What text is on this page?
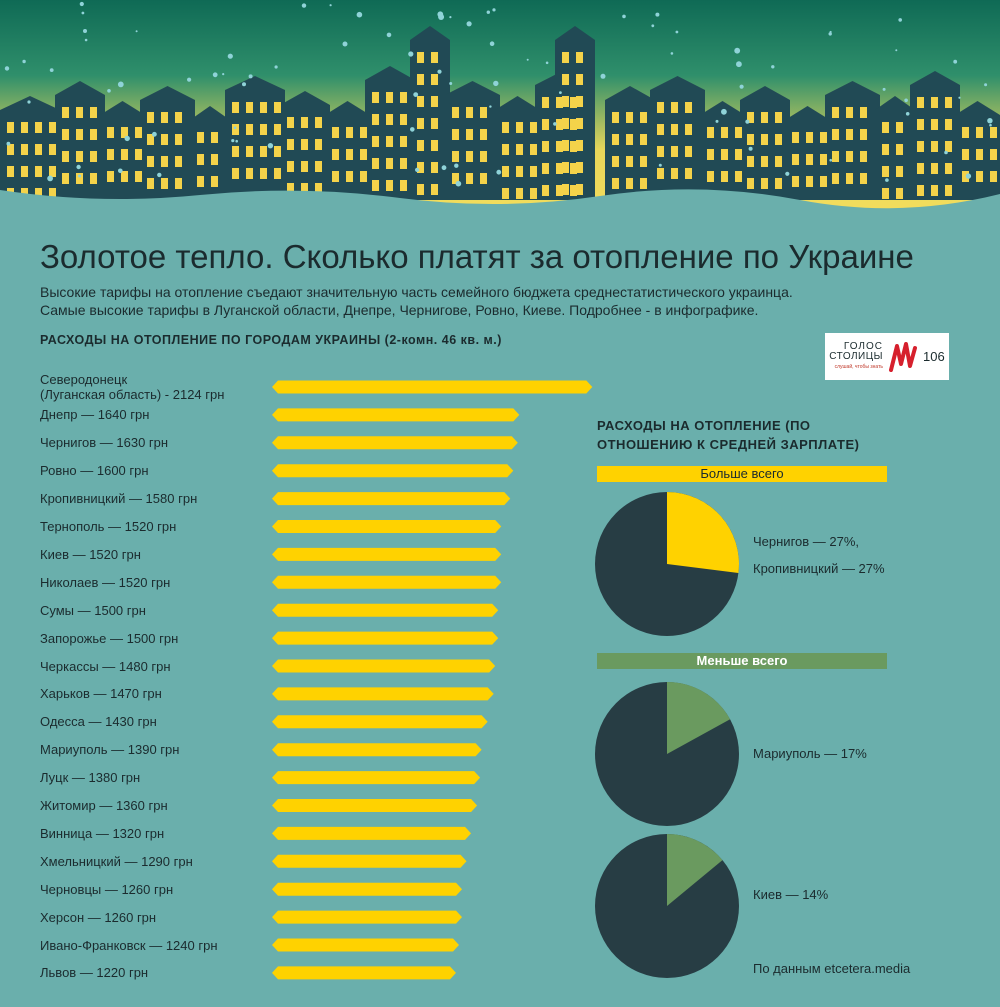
Золотое тепло. Сколько платят за отопление по Украине
Высокие тарифы на отопление съедают значительную часть семейного бюджета среднестатистического украинца.
Самые высокие тарифы в Луганской области, Днепре, Чернигове, Ровно, Киеве. Подробнее - в инфографике.
РАСХОДЫ НА ОТОПЛЕНИЕ ПО ГОРОДАМ УКРАИНЫ (2-комн. 46 кв. м.)	ГОЛОС
СТОЛИЦЫ
слушай, чтобы знать
106
Северодонецк
(Луганская область) - 2124 грн
Днепр — 1640 грн
Чернигов — 1630 грн
Ровно — 1600 грн
Кропивницкий — 1580 грн
Тернополь — 1520 грн
Киев — 1520 грн
Николаев — 1520 грн
Сумы — 1500 грн
Запорожье — 1500 грн
Черкассы — 1480 грн
Харьков — 1470 грн
Одесса — 1430 грн
Мариуполь — 1390 грн
Луцк — 1380 грн
Житомир — 1360 грн
Винница — 1320 грн
Хмельницкий — 1290 грн
Черновцы — 1260 грн
Херсон — 1260 грн
Ивано-Франковск — 1240 грн
Львов — 1220 грн
РАСХОДЫ НА ОТОПЛЕНИЕ (ПО ОТНОШЕНИЮ К СРЕДНЕЙ ЗАРПЛАТЕ)
Больше всего
Меньше всего
Чернигов — 27%,
Кропивницкий — 27%
Мариуполь — 17%
Киев — 14%
По данным etcetera.media
